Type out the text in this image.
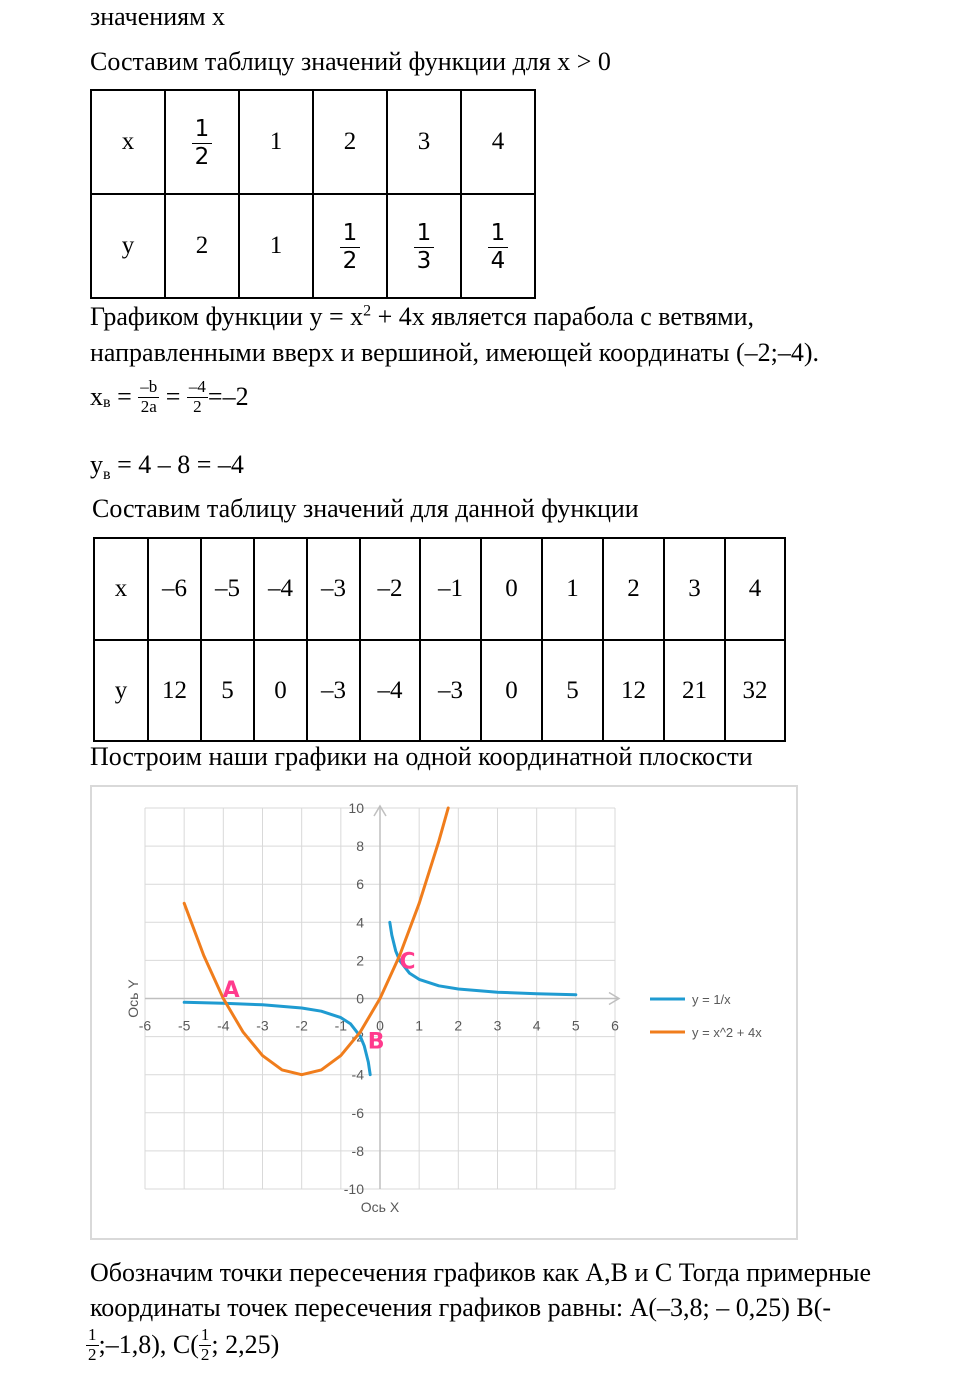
значениям x
Составим таблицу значений функции для x > 0
x	$\frac{1}{2}$	1	2	3	4
y	2	1	$\frac{1}{2}$	$\frac{1}{3}$	$\frac{1}{4}$
Графиком функции $y = x^2 + 4x$ является парабола с ветвями,
направленными вверх и вершиной, имеющей координаты (–2;–4).
$x_в = \frac{-b}{2a} = \frac{-4}{2} =-2$
$y_в = 4 - 8 = -4$
Составим таблицу значений для данной функции
x	–6	–5	–4	–3	–2	–1	0	1	2	3	4
y	12	5	0	–3	–4	–3	0	5	12	21	32
Построим наши графики на одной координатной плоскости
-6 -5 -4 -3 -2 -1 0 1 2 3 4 5 6
-10
-8
-6
-4
-2
0
2
4
6
8
10
Ось X
Ось Y	y = 1/x
y = x^2 + 4x
A
B
C
Обозначим точки пересечения графиков как А,В и С Тогда примерные
координаты точек пересечения графиков равны: А(–3,8; – 0,25) В(-
$\frac{1}{2}$ ;–1,8), $С( \frac{1}{2}$ ; 2,25)
